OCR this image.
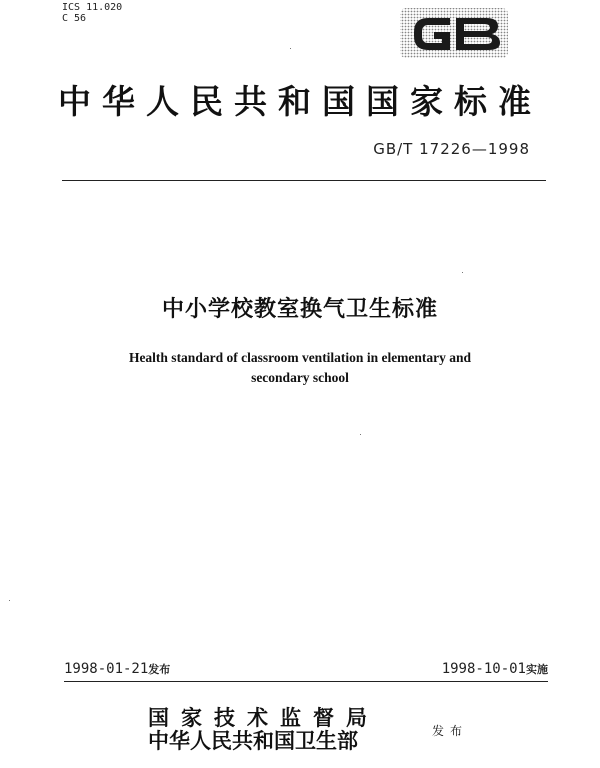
ICS 11.020
C 56
中华人民共和国国家标准
GB/T 17226—1998
中小学校教室换气卫生标准
Health standard of classroom ventilation in elementary and
secondary school
1998-01-21发布	1998-10-01实施
国家技术监督局
中华人民共和国卫生部	发布
